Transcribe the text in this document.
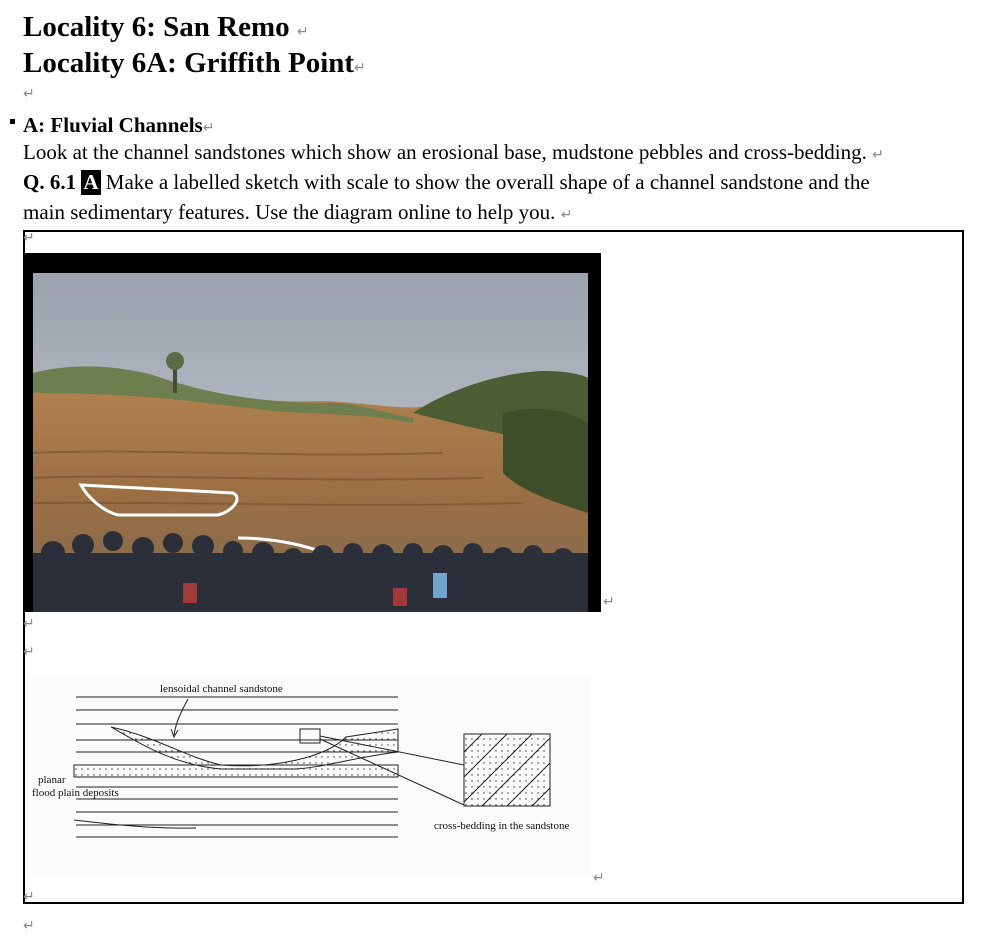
Locality 6: San Remo ↵
Locality 6A: Griffith Point↵
↵
A: Fluvial Channels↵
Look at the channel sandstones which show an erosional base, mudstone pebbles and cross-bedding. ↵
Q. 6.1 A Make a labelled sketch with scale to show the overall shape of a channel sandstone and the
main sedimentary features. Use the diagram online to help you. ↵
↵
↵
↵
↵
lensoidal channel sandstone
planar
flood plain deposits
cross-bedding in the sandstone
↵
↵
↵
